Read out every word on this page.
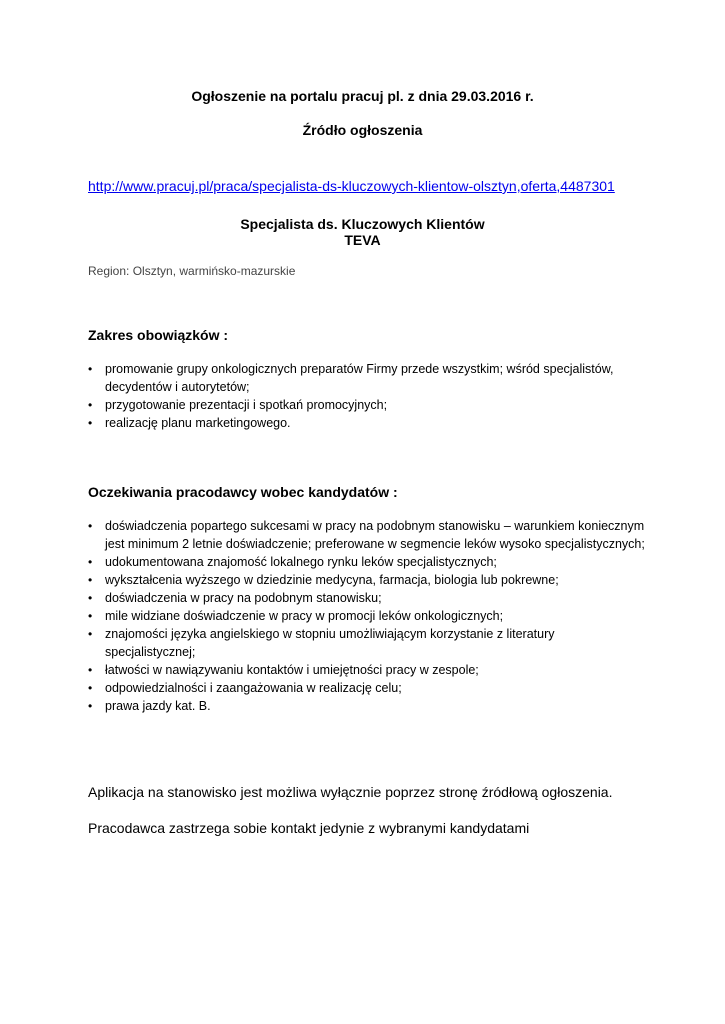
Ogłoszenie na portalu pracuj pl. z dnia 29.03.2016 r.

Źródło ogłoszenia

http://www.pracuj.pl/praca/specjalista-ds-kluczowych-klientow-olsztyn,oferta,4487301

Specjalista ds. Kluczowych Klientów

TEVA

Region: Olsztyn, warmińsko-mazurskie

Zakres obowiązków :

• promowanie grupy onkologicznych preparatów Firmy przede wszystkim; wśród specjalistów, decydentów i autorytetów;
• przygotowanie prezentacji i spotkań promocyjnych;
• realizację planu marketingowego.

Oczekiwania pracodawcy wobec kandydatów :

• doświadczenia popartego sukcesami w pracy na podobnym stanowisku – warunkiem koniecznym jest minimum 2 letnie doświadczenie; preferowane w segmencie leków wysoko specjalistycznych;
• udokumentowana znajomość lokalnego rynku leków specjalistycznych;
• wykształcenia wyższego w dziedzinie medycyna, farmacja, biologia lub pokrewne;
• doświadczenia w pracy na podobnym stanowisku;
• mile widziane doświadczenie w pracy w promocji leków onkologicznych;
• znajomości języka angielskiego w stopniu umożliwiającym korzystanie z literatury specjalistycznej;
• łatwości w nawiązywaniu kontaktów i umiejętności pracy w zespole;
• odpowiedzialności i zaangażowania w realizację celu;
• prawa jazdy kat. B.

Aplikacja na stanowisko jest możliwa wyłącznie poprzez stronę źródłową ogłoszenia.

Pracodawca zastrzega sobie kontakt jedynie z wybranymi kandydatami
